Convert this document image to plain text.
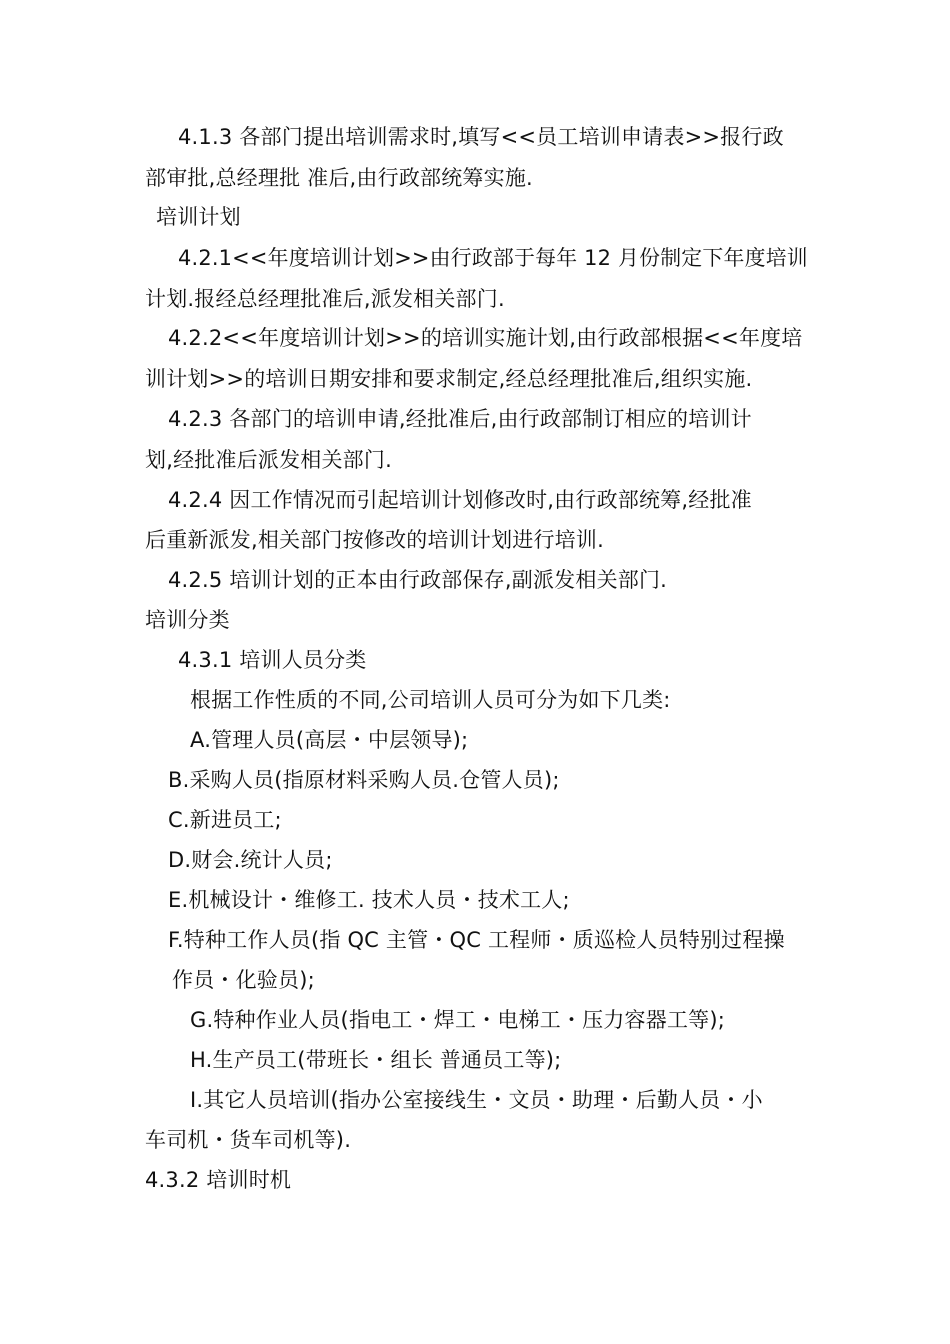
4.1.3 各部门提出培训需求时,填写<<员工培训申请表>>报行政
部审批,总经理批 准后,由行政部统筹实施.
培训计划
4.2.1<<年度培训计划>>由行政部于每年 12 月份制定下年度培训
计划.报经总经理批准后,派发相关部门.
4.2.2<<年度培训计划>>的培训实施计划,由行政部根据<<年度培
训计划>>的培训日期安排和要求制定,经总经理批准后,组织实施.
4.2.3 各部门的培训申请,经批准后,由行政部制订相应的培训计
划,经批准后派发相关部门.
4.2.4 因工作情况而引起培训计划修改时,由行政部统筹,经批准
后重新派发,相关部门按修改的培训计划进行培训.
4.2.5 培训计划的正本由行政部保存,副派发相关部门.
培训分类
4.3.1 培训人员分类
根据工作性质的不同,公司培训人员可分为如下几类:
A.管理人员(高层・中层领导);
B.采购人员(指原材料采购人员.仓管人员);
C.新进员工;
D.财会.统计人员;
E.机械设计・维修工. 技术人员・技术工人;
F.特种工作人员(指 QC 主管・QC 工程师・质巡检人员特别过程操
作员・化验员);
G.特种作业人员(指电工・焊工・电梯工・压力容器工等);
H.生产员工(带班长・组长 普通员工等);
I.其它人员培训(指办公室接线生・文员・助理・后勤人员・小
车司机・货车司机等).
4.3.2 培训时机
